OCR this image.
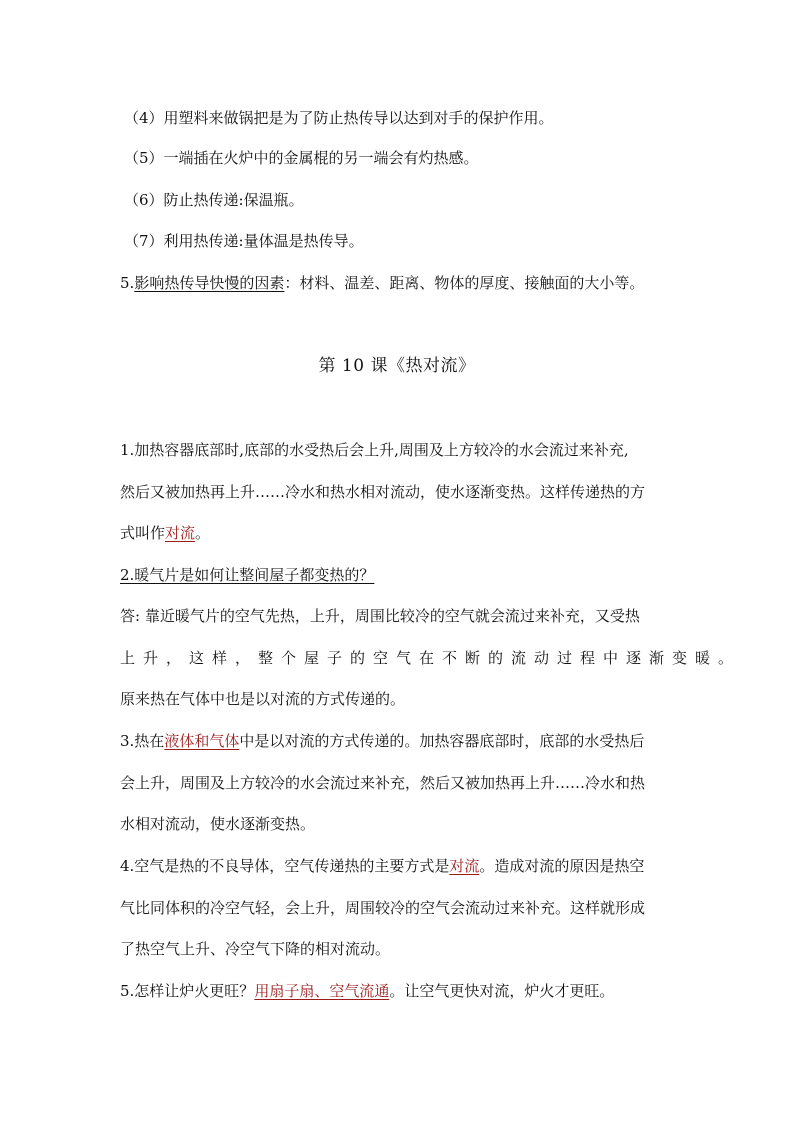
（4）用塑料来做锅把是为了防止热传导以达到对手的保护作用。
（5）一端插在火炉中的金属棍的另一端会有灼热感。
（6）防止热传递:保温瓶。
（7）利用热传递:量体温是热传导。
5.影响热传导快慢的因素：材料、温差、距离、物体的厚度、接触面的大小等。
第 10 课《热对流》
1.加热容器底部时,底部的水受热后会上升,周围及上方较冷的水会流过来补充,
然后又被加热再上升……冷水和热水相对流动，使水逐渐变热。这样传递热的方
式叫作对流。
2.暖气片是如何让整间屋子都变热的？
答: 靠近暖气片的空气先热，上升，周围比较冷的空气就会流过来补充，又受热
上升，这样，整个屋子的空气在不断的流动过程中逐渐变暖。
原来热在气体中也是以对流的方式传递的。
3.热在液体和气体中是以对流的方式传递的。加热容器底部时，底部的水受热后
会上升，周围及上方较冷的水会流过来补充，然后又被加热再上升……冷水和热
水相对流动，使水逐渐变热。
4.空气是热的不良导体，空气传递热的主要方式是对流。造成对流的原因是热空
气比同体积的冷空气轻，会上升，周围较冷的空气会流动过来补充。这样就形成
了热空气上升、冷空气下降的相对流动。
5.怎样让炉火更旺？用扇子扇、空气流通。让空气更快对流，炉火才更旺。
